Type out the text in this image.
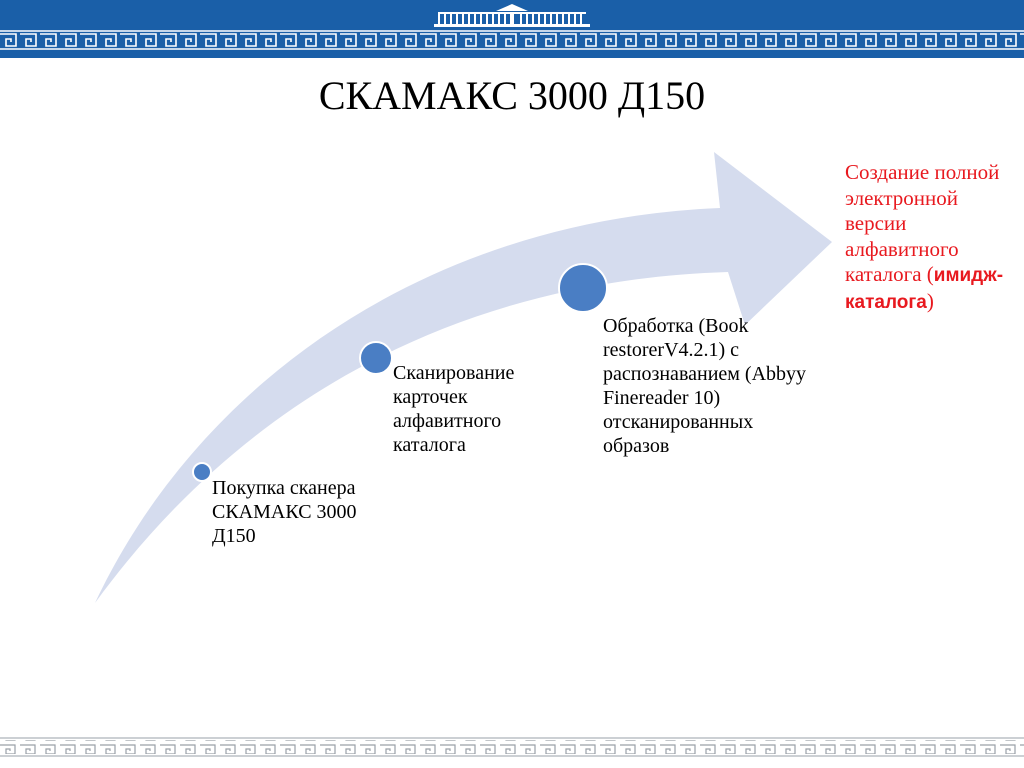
СКАМАКС 3000 Д150
Покупка сканера СКАМАКС 3000 Д150
Сканирование карточек алфавитного каталога
Обработка (Book restorerV4.2.1) с распознаванием (Abbyy Finereader 10) отсканированных образов
Создание полной электронной версии алфавитного каталога (имидж-каталога)
